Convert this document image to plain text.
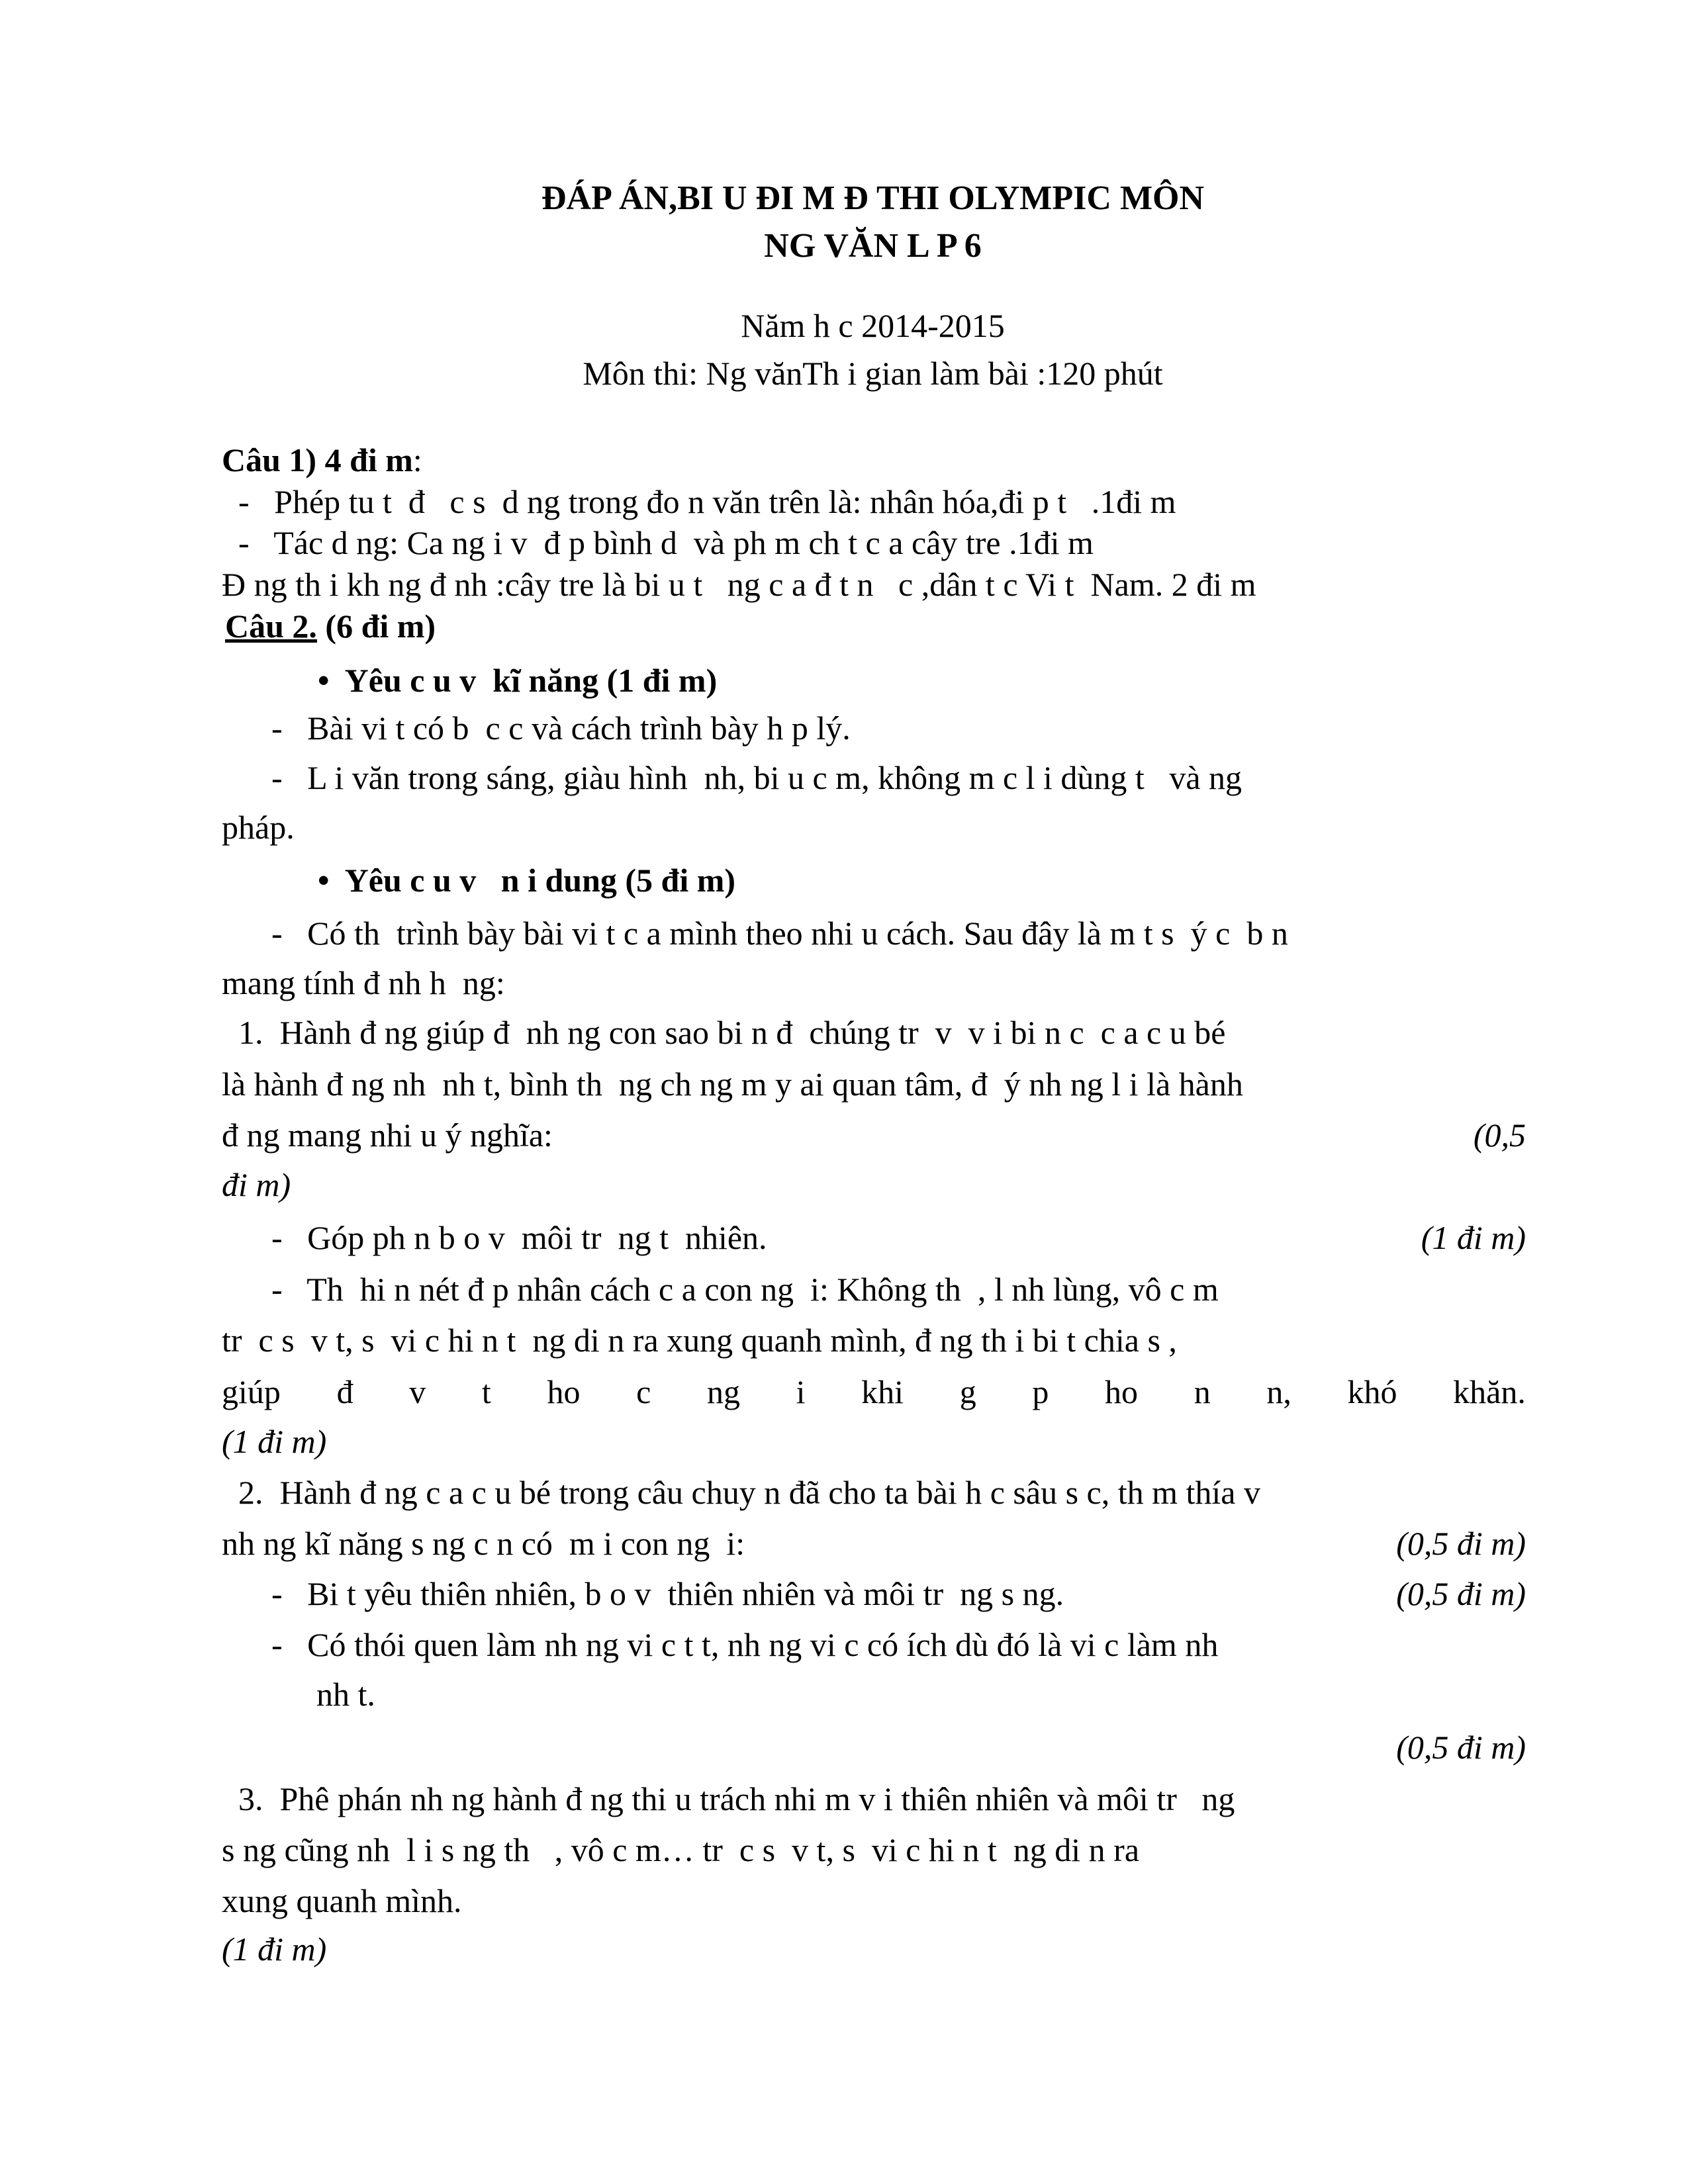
ĐÁP ÁN,BI U ĐI M Đ THI OLYMPIC MÔN
NG VĂN L P 6
Năm h c 2014-2015
Môn thi: Ng vănTh i gian làm bài :120 phút
Câu 1) 4 đi m:
-   Phép tu t  đ   c s  d ng trong đo n văn trên là: nhân hóa,đi p t   .1đi m
-   Tác d ng: Ca ng i v  đ p bình d  và ph m ch t c a cây tre .1đi m
Đ ng th i kh ng đ nh :cây tre là bi u t   ng c a đ t n   c ,dân t c Vi t  Nam. 2 đi m
Câu 2. (6 đi m)
•  Yêu c u v  kĩ năng (1 đi m)
-   Bài vi t có b  c c và cách trình bày h p lý.
-   L i văn trong sáng, giàu hình  nh, bi u c m, không m c l i dùng t   và ng
pháp.
•  Yêu c u v   n i dung (5 đi m)
-   Có th  trình bày bài vi t c a mình theo nhi u cách. Sau đây là m t s  ý c  b n
mang tính đ nh h  ng:
1.  Hành đ ng giúp đ  nh ng con sao bi n đ  chúng tr  v  v i bi n c  c a c u bé
là hành đ ng nh  nh t, bình th  ng ch ng m y ai quan tâm, đ  ý nh ng l i là hành
đ ng mang nhi u ý nghĩa:	(0,5
đi m)
-   Góp ph n b o v  môi tr  ng t  nhiên.	(1 đi m)
-   Th  hi n nét đ p nhân cách c a con ng  i: Không th  , l nh lùng, vô c m
tr  c s  v t, s  vi c hi n t  ng di n ra xung quanh mình, đ ng th i bi t chia s ,
giúp đ v t ho c ng i khi g p ho n n, khó khăn.
(1 đi m)
2.  Hành đ ng c a c u bé trong câu chuy n đã cho ta bài h c sâu s c, th m thía v
nh ng kĩ năng s ng c n có  m i con ng  i:	(0,5 đi m)
-   Bi t yêu thiên nhiên, b o v  thiên nhiên và môi tr  ng s ng.	(0,5 đi m)
-   Có thói quen làm nh ng vi c t t, nh ng vi c có ích dù đó là vi c làm nh
nh t.
(0,5 đi m)
3.  Phê phán nh ng hành đ ng thi u trách nhi m v i thiên nhiên và môi tr   ng
s ng cũng nh  l i s ng th   , vô c m… tr  c s  v t, s  vi c hi n t  ng di n ra
xung quanh mình.
(1 đi m)
